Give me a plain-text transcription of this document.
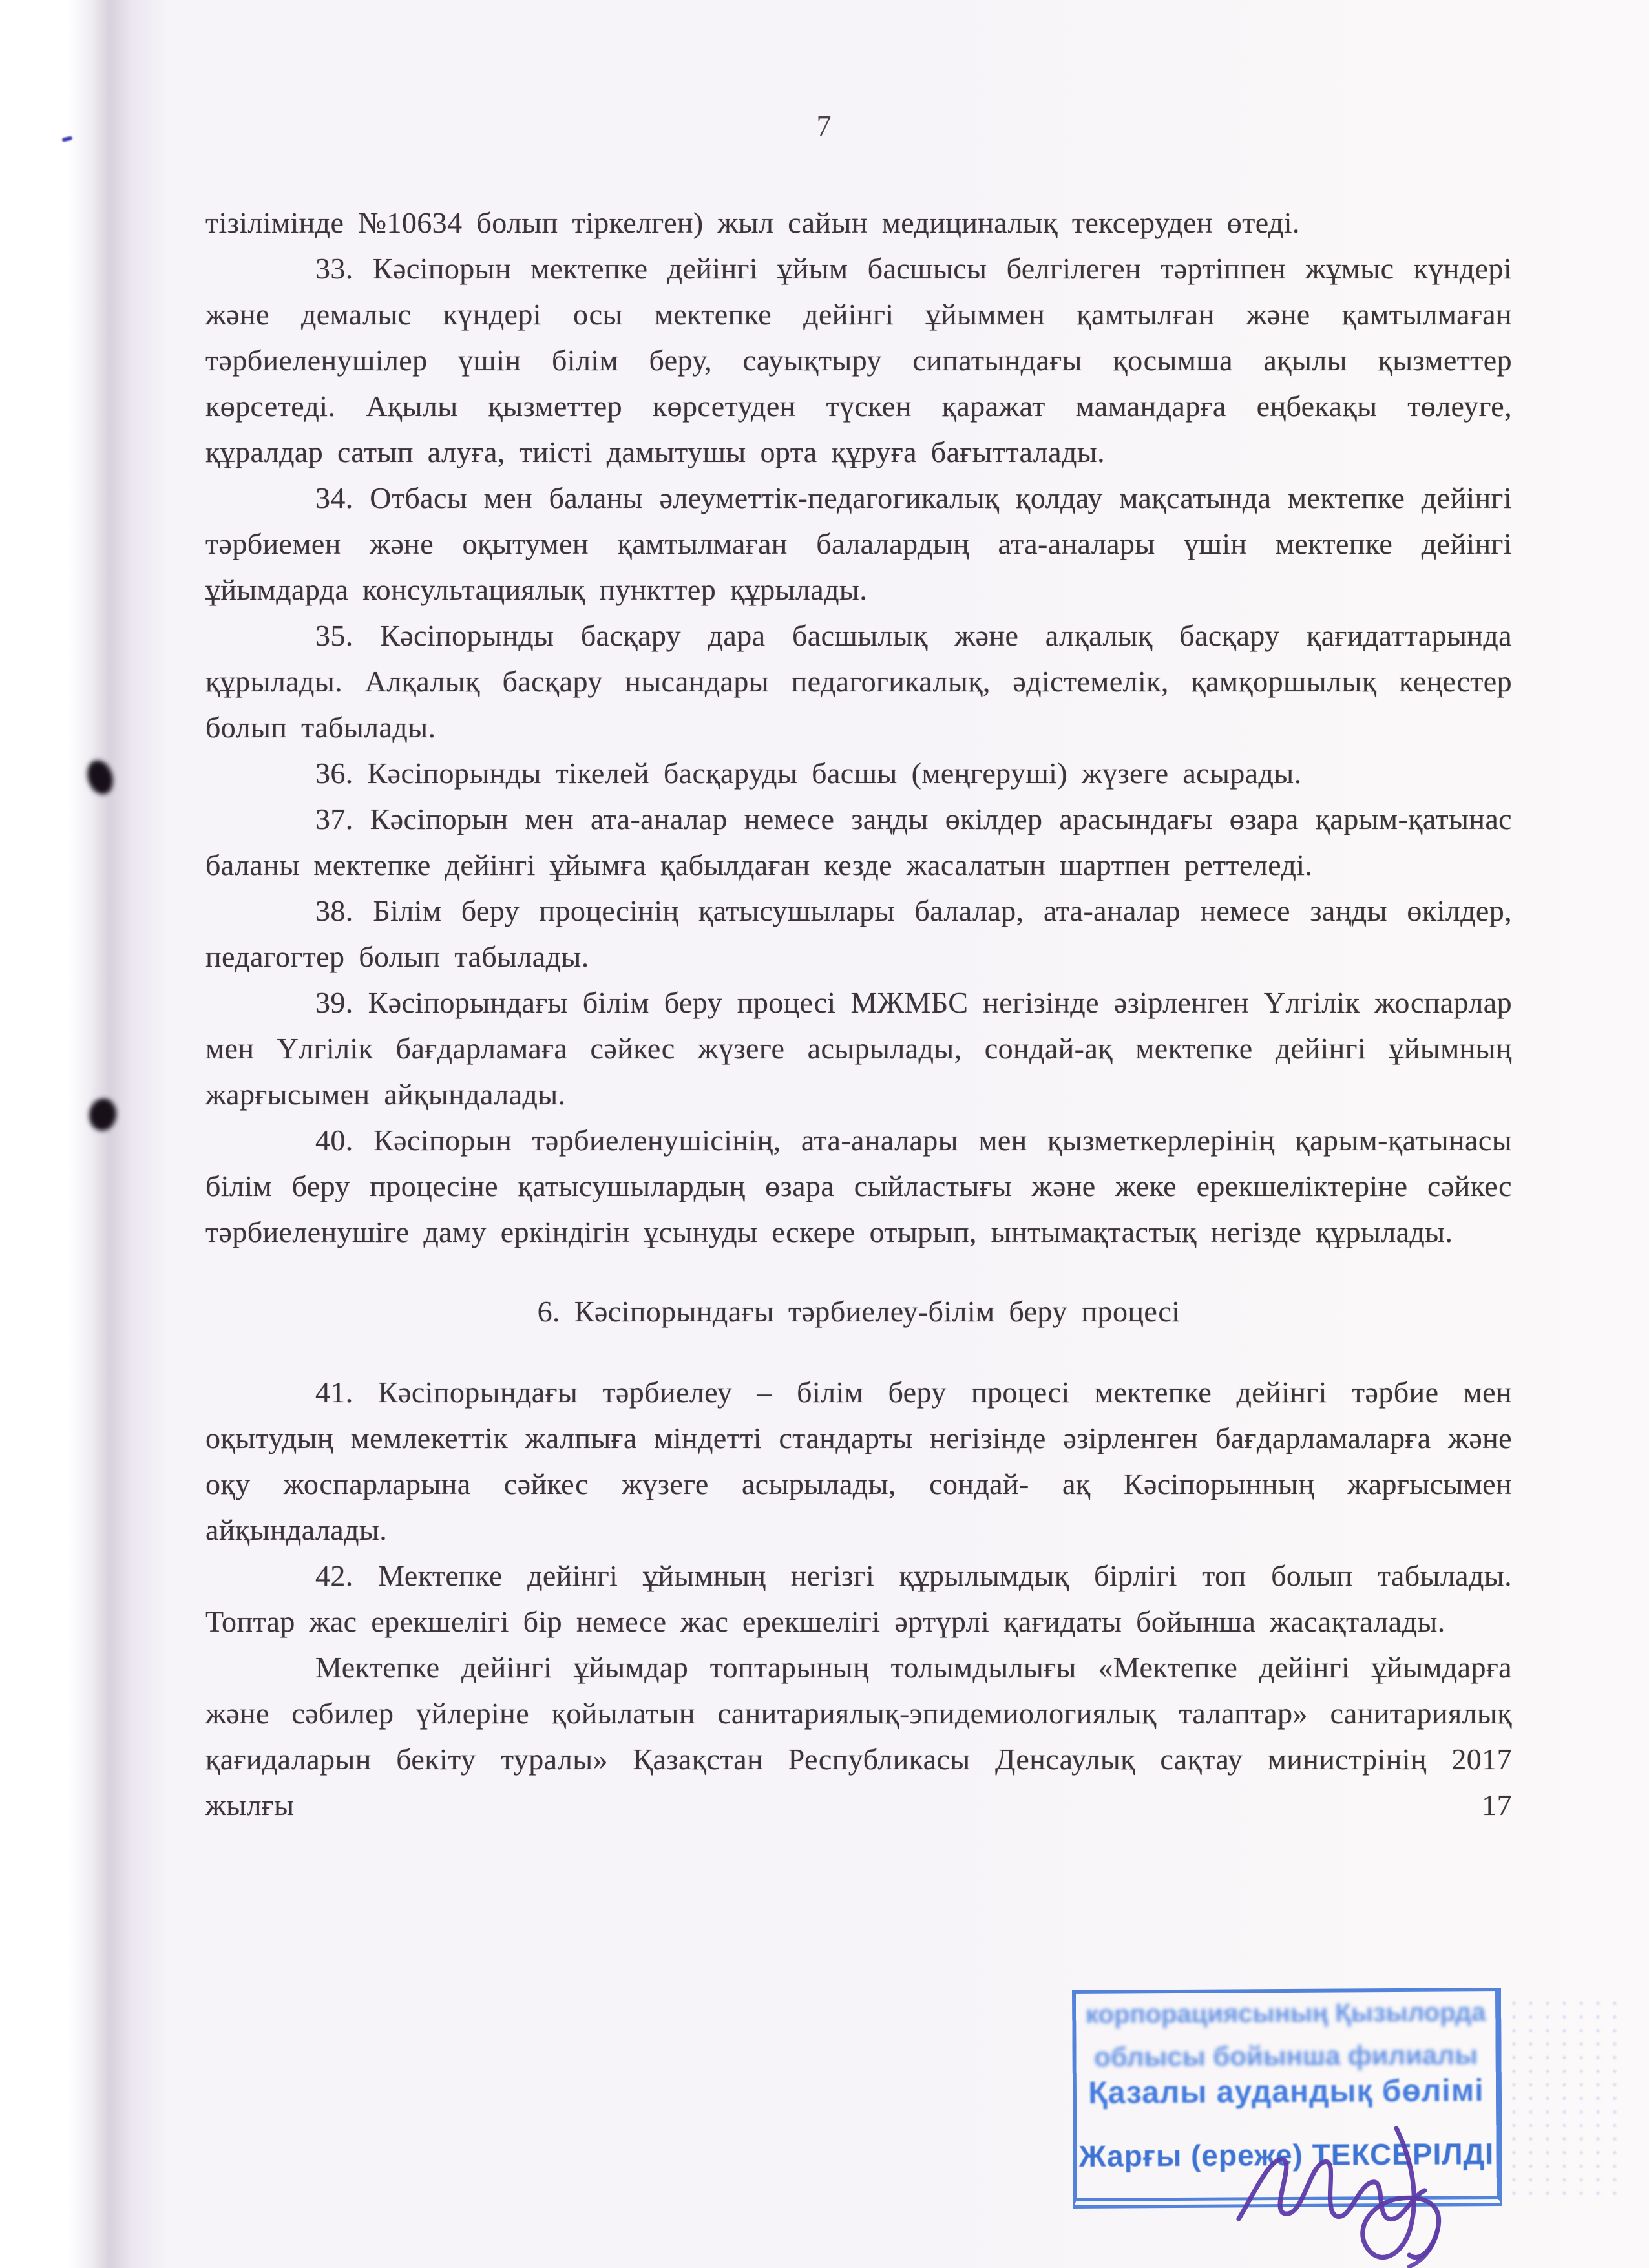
7

тізілімінде №10634 болып тіркелген) жыл сайын медициналық тексеруден өтеді.

33. Кәсіпорын мектепке дейінгі ұйым басшысы белгілеген тәртіппен жұмыс күндері және демалыс күндері осы мектепке дейінгі ұйыммен қамтылған және қамтылмаған тәрбиеленушілер үшін білім беру, сауықтыру сипатындағы қосымша ақылы қызметтер көрсетеді. Ақылы қызметтер көрсетуден түскен қаражат мамандарға еңбекақы төлеуге, құралдар сатып алуға, тиісті дамытушы орта құруға бағытталады.

34. Отбасы мен баланы әлеуметтік-педагогикалық қолдау мақсатында мектепке дейінгі тәрбиемен және оқытумен қамтылмаған балалардың ата-аналары үшін мектепке дейінгі ұйымдарда консультациялық пункттер құрылады.

35. Кәсіпорынды басқару дара басшылық және алқалық басқару қағидаттарында құрылады. Алқалық басқару нысандары педагогикалық, әдістемелік, қамқоршылық кеңестер болып табылады.

36. Кәсіпорынды тікелей басқаруды басшы (меңгеруші) жүзеге асырады.

37. Кәсіпорын мен ата-аналар немесе заңды өкілдер арасындағы өзара қарым-қатынас баланы мектепке дейінгі ұйымға қабылдаған кезде жасалатын шартпен реттеледі.

38. Білім беру процесінің қатысушылары балалар, ата-аналар немесе заңды өкілдер, педагогтер болып табылады.

39. Кәсіпорындағы білім беру процесі МЖМБС негізінде әзірленген Үлгілік жоспарлар мен Үлгілік бағдарламаға сәйкес жүзеге асырылады, сондай-ақ мектепке дейінгі ұйымның жарғысымен айқындалады.

40. Кәсіпорын тәрбиеленушісінің, ата-аналары мен қызметкерлерінің қарым-қатынасы білім беру процесіне қатысушылардың өзара сыйластығы және жеке ерекшеліктеріне сәйкес тәрбиеленушіге даму еркіндігін ұсынуды ескере отырып, ынтымақтастық негізде құрылады.

6. Кәсіпорындағы тәрбиелеу-білім беру процесі

41. Кәсіпорындағы тәрбиелеу – білім беру процесі мектепке дейінгі тәрбие мен оқытудың мемлекеттік жалпыға міндетті стандарты негізінде әзірленген бағдарламаларға және оқу жоспарларына сәйкес жүзеге асырылады, сондай- ақ Кәсіпорынның жарғысымен айқындалады.

42. Мектепке дейінгі ұйымның негізгі құрылымдық бірлігі топ болып табылады. Топтар жас ерекшелігі бір немесе жас ерекшелігі әртүрлі қағидаты бойынша жасақталады.

Мектепке дейінгі ұйымдар топтарының толымдылығы «Мектепке дейінгі ұйымдарға және сәбилер үйлеріне қойылатын санитариялық-эпидемиологиялық талаптар» санитариялық қағидаларын бекіту туралы» Қазақстан Республикасы Денсаулық сақтау министрінің 2017 жылғы 17

корпорациясының Қызылорда
облысы бойынша филиалы
Қазалы аудандық бөлімі
Жарғы (ереже) ТЕКСЕРІЛДІ
